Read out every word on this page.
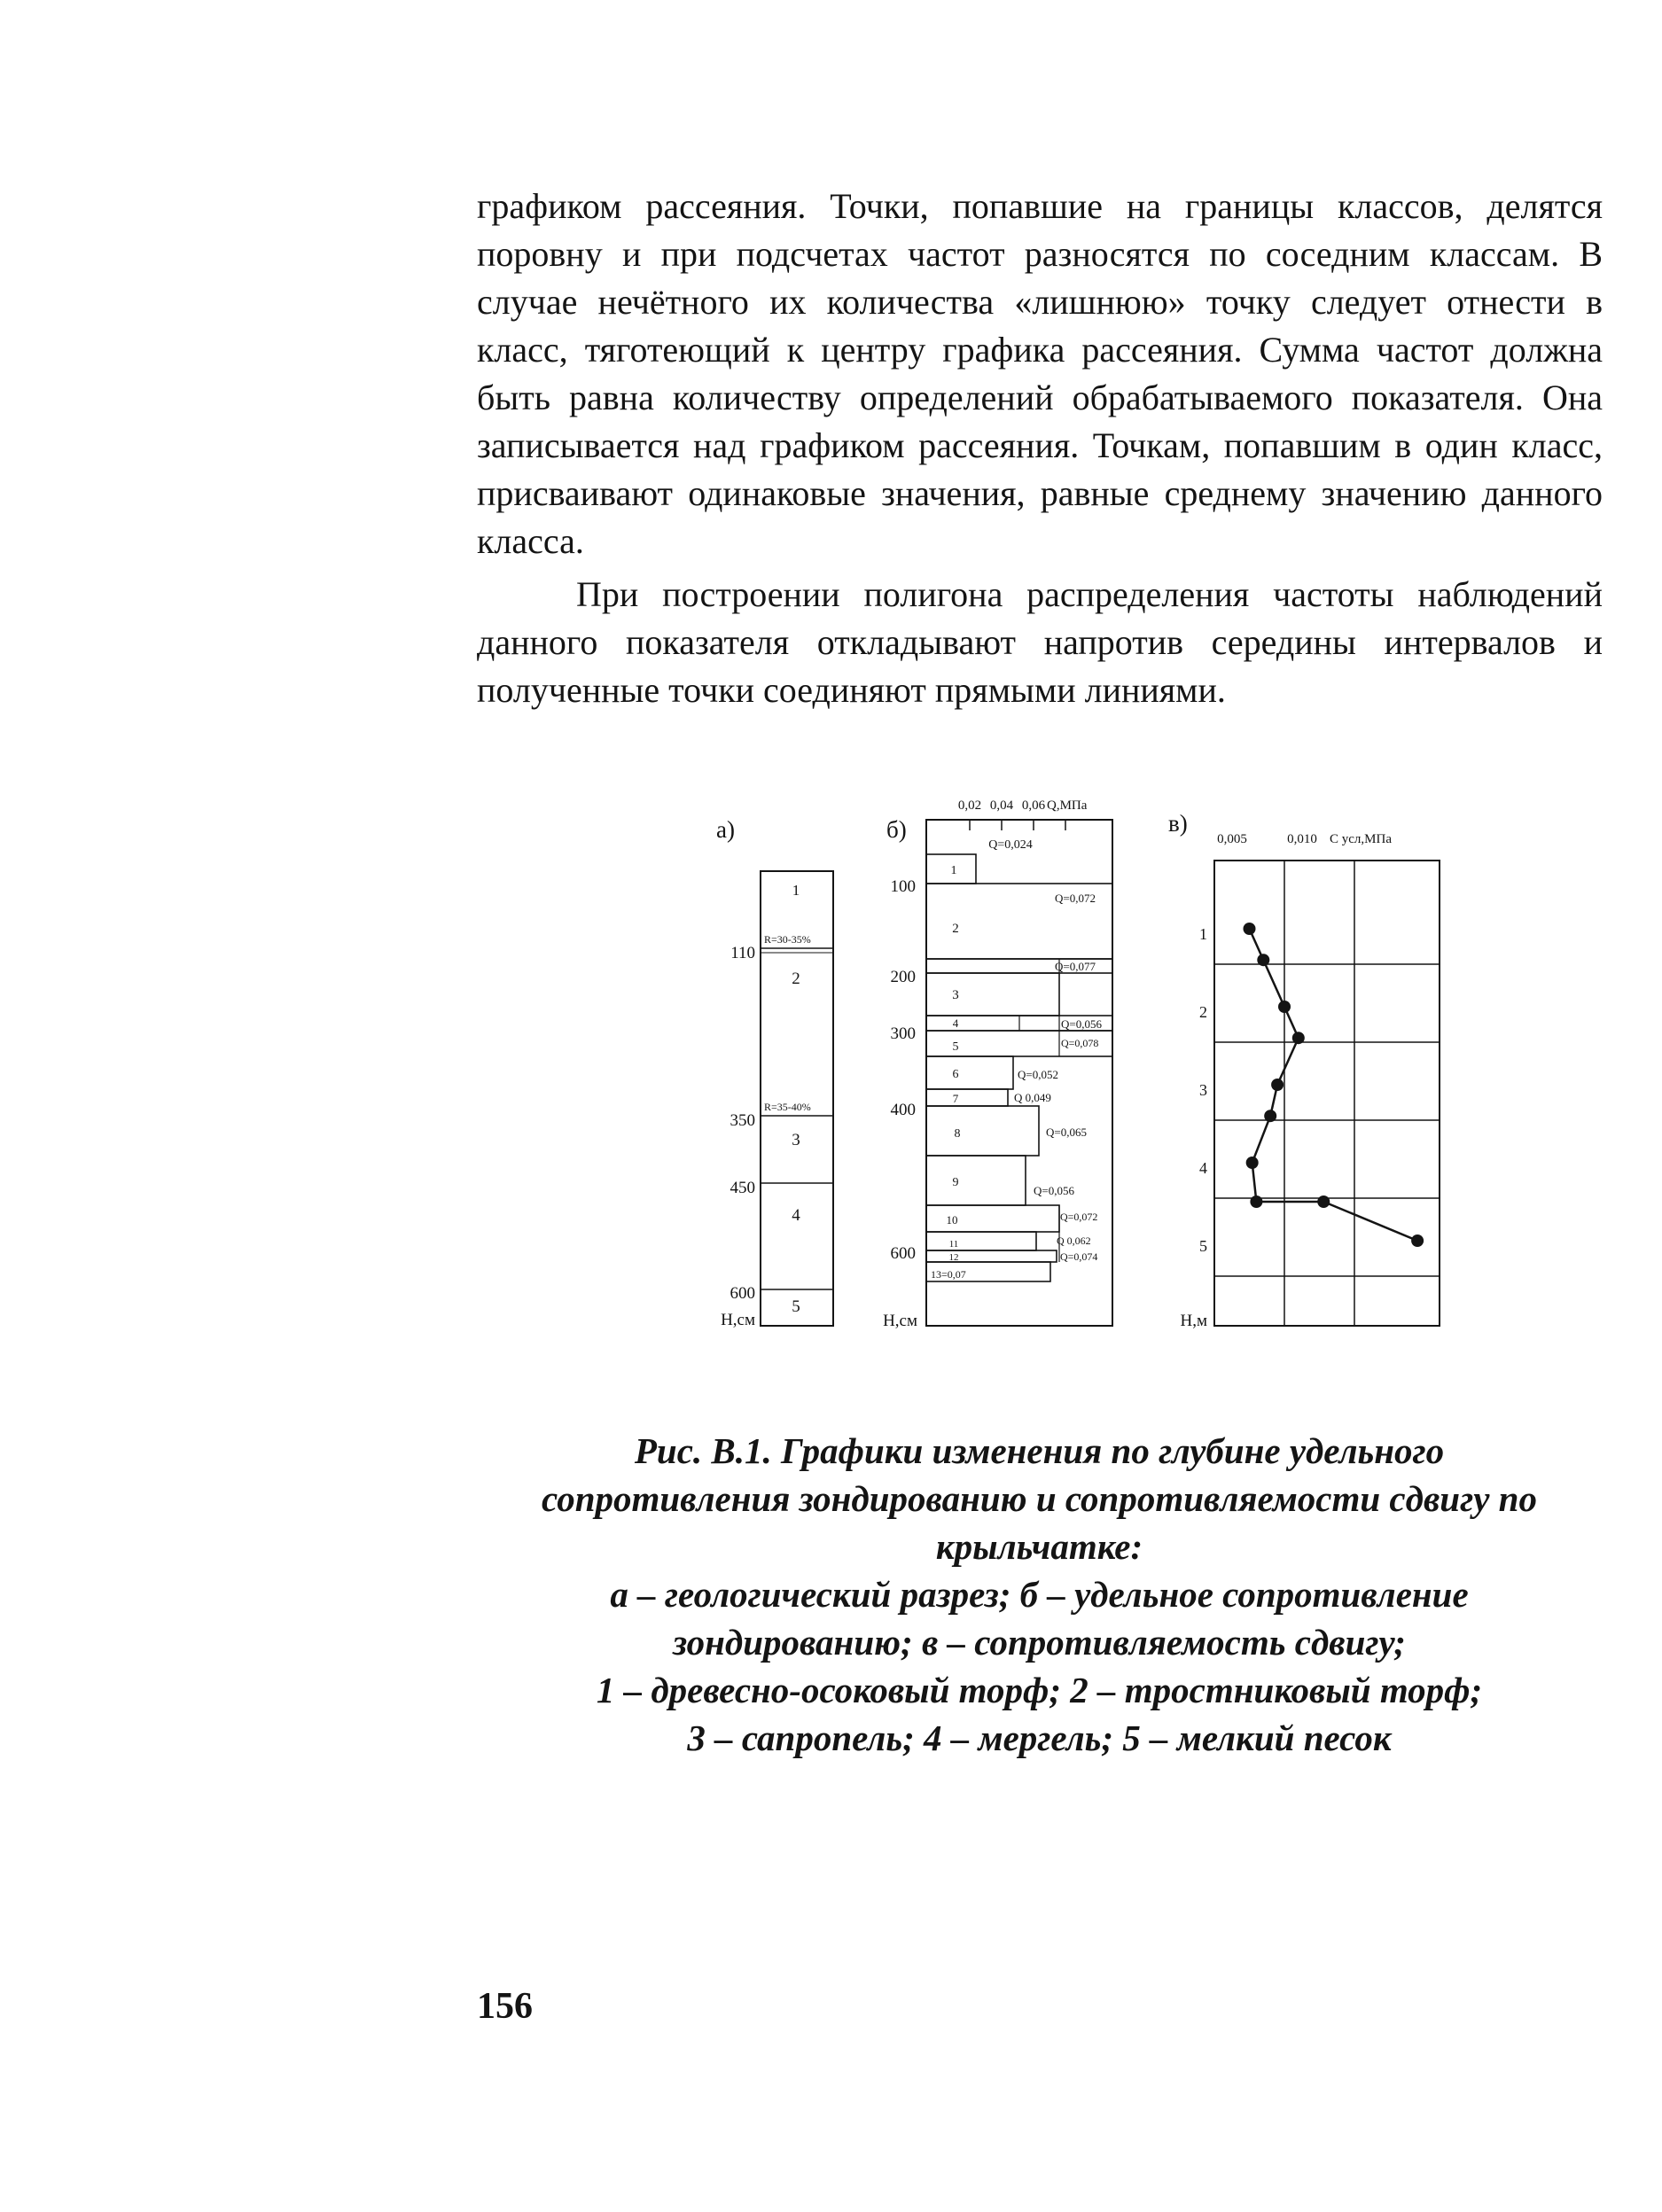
графиком рассеяния. Точки, попавшие на границы классов, делятся поровну и при подсчетах частот разносятся по соседним классам. В случае нечётного их количества «лишнюю» точку следует отнести в класс, тяготеющий к центру графика рассеяния. Сумма частот должна быть равна количеству определений обрабатываемого показателя. Она записывается над графиком рассеяния. Точкам, попавшим в один класс, присваивают одинаковые значения, равные среднему значению данного класса.

При построении полигона распределения частоты наблюдений данного показателя откладывают напротив середины интервалов и полученные точки соединяют прямыми линиями.

а)
1
R=30-35%
2
R=35-40%
3
4
5
110
350
450
600
Н,см
б)
0,02 0,04 0,06 Q,МПа
Q=0,024
1
2
3
4
5
6
7
8
9
10
11
12
Q=0,072
Q=0,077
Q=0,056
Q=0,078
Q=0,052
Q 0,049
Q=0,065
Q=0,056
Q=0,072
Q 0,062
Q=0,074
13=0,07
100
200
300
400
600
Н,см
в)
0,005	0,010 С усл,МПа
1
2
3
4
5
Н,м
Рис. В.1. Графики изменения по глубине удельного
сопротивления зондированию и сопротивляемости сдвигу по
крыльчатке:
а – геологический разрез; б – удельное сопротивление
зондированию; в – сопротивляемость сдвигу;
1 – древесно-осоковый торф; 2 – тростниковый торф;
3 – сапропель; 4 – мергель; 5 – мелкий песок
156
